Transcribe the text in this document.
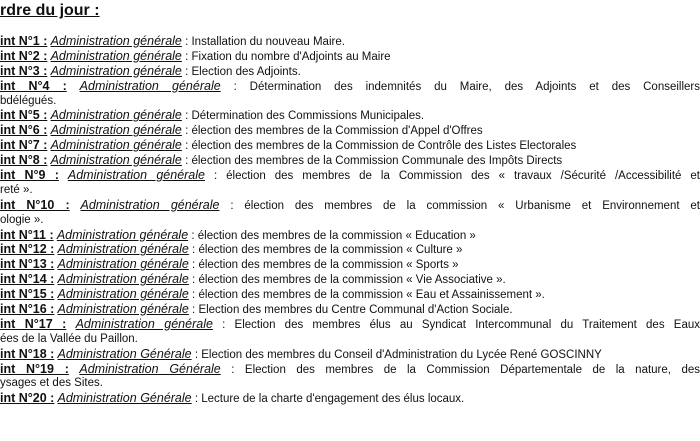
rdre du jour :
int N°1 : Administration générale : Installation du nouveau Maire.
int N°2 : Administration générale : Fixation du nombre d'Adjoints au Maire
int N°3 : Administration générale : Election des Adjoints.
int N°4 : Administration générale : Détermination des indemnités du Maire, des Adjoints et des Conseillers
bdélégués.
int N°5 : Administration générale : Détermination des Commissions Municipales.
int N°6 : Administration générale : élection des membres de la Commission d'Appel d'Offres
int N°7 : Administration générale : élection des membres de la Commission de Contrôle des Listes Electorales
int N°8 : Administration générale : élection des membres de la Commission Communale des Impôts Directs
int N°9 : Administration générale : élection des membres de la Commission des « travaux /Sécurité /Accessibilité et
reté ».
int N°10 : Administration générale : élection des membres de la commission « Urbanisme et Environnement et
ologie ».
int N°11 : Administration générale : élection des membres de la commission « Education »
int N°12 : Administration générale : élection des membres de la commission « Culture »
int N°13 : Administration générale : élection des membres de la commission « Sports »
int N°14 : Administration générale : élection des membres de la commission « Vie Associative ».
int N°15 : Administration générale : élection des membres de la commission « Eau et Assainissement ».
int N°16 : Administration générale : Election des membres du Centre Communal d'Action Sociale.
int N°17 : Administration générale : Election des membres élus au Syndicat Intercommunal du Traitement des Eaux
ées de la Vallée du Paillon.
int N°18 : Administration Générale : Election des membres du Conseil d'Administration du Lycée René GOSCINNY
int N°19 : Administration Générale : Election des membres de la Commission Départementale de la nature, des
ysages et des Sites.
int N°20 : Administration Générale : Lecture de la charte d'engagement des élus locaux.
